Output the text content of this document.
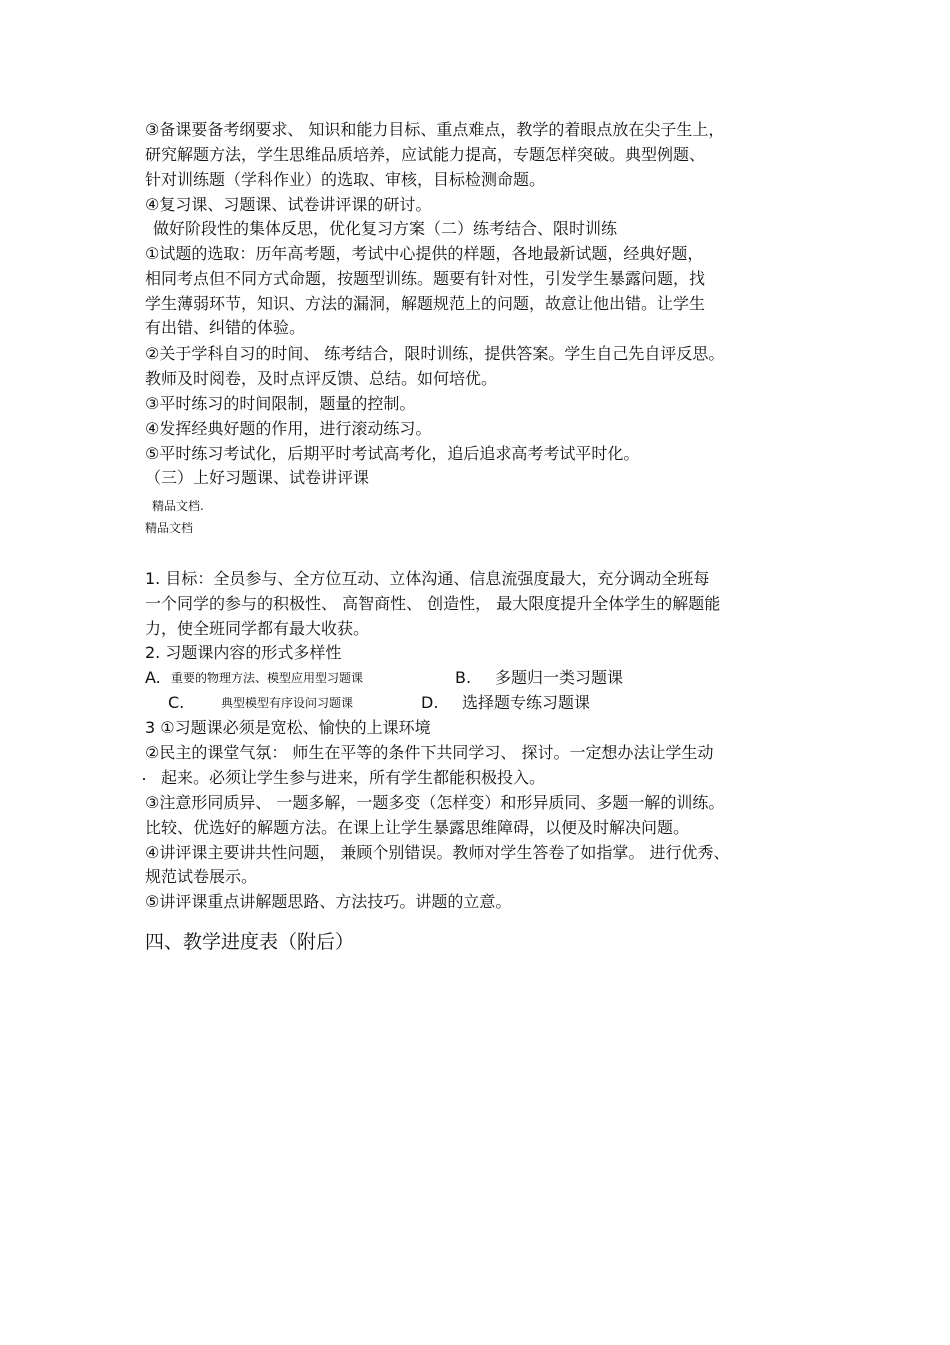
③备课要备考纲要求、 知识和能力目标、重点难点，教学的着眼点放在尖子生上，
研究解题方法，学生思维品质培养，应试能力提高，专题怎样突破。典型例题、
针对训练题（学科作业）的选取、审核，目标检测命题。
④复习课、习题课、试卷讲评课的研讨。
做好阶段性的集体反思，优化复习方案（二）练考结合、限时训练
①试题的选取：历年高考题，考试中心提供的样题，各地最新试题，经典好题，
相同考点但不同方式命题，按题型训练。题要有针对性，引发学生暴露问题，找
学生薄弱环节，知识、方法的漏洞，解题规范上的问题，故意让他出错。让学生
有出错、纠错的体验。
②关于学科自习的时间、 练考结合，限时训练，提供答案。学生自己先自评反思。
教师及时阅卷，及时点评反馈、总结。如何培优。
③平时练习的时间限制，题量的控制。
④发挥经典好题的作用，进行滚动练习。
⑤平时练习考试化，后期平时考试高考化，追后追求高考考试平时化。
（三）上好习题课、试卷讲评课
精品文档.
精品文档
1. 目标：全员参与、全方位互动、立体沟通、信息流强度最大，充分调动全班每
一个同学的参与的积极性、 高智商性、 创造性， 最大限度提升全体学生的解题能
力，使全班同学都有最大收获。
2. 习题课内容的形式多样性
A. 重要的物理方法、模型应用型习题课	B. 多题归一类习题课
C.	典型模型有序设问习题课	D. 选择题专练习题课
3 ①习题课必须是宽松、愉快的上课环境
②民主的课堂气氛： 师生在平等的条件下共同学习、 探讨。一定想办法让学生动
起来。必须让学生参与进来，所有学生都能积极投入。
③注意形同质异、 一题多解，一题多变（怎样变）和形异质同、多题一解的训练。
比较、优选好的解题方法。在课上让学生暴露思维障碍，以便及时解决问题。
④讲评课主要讲共性问题， 兼顾个别错误。教师对学生答卷了如指掌。 进行优秀、
规范试卷展示。
⑤讲评课重点讲解题思路、方法技巧。讲题的立意。
四、教学进度表（附后）
